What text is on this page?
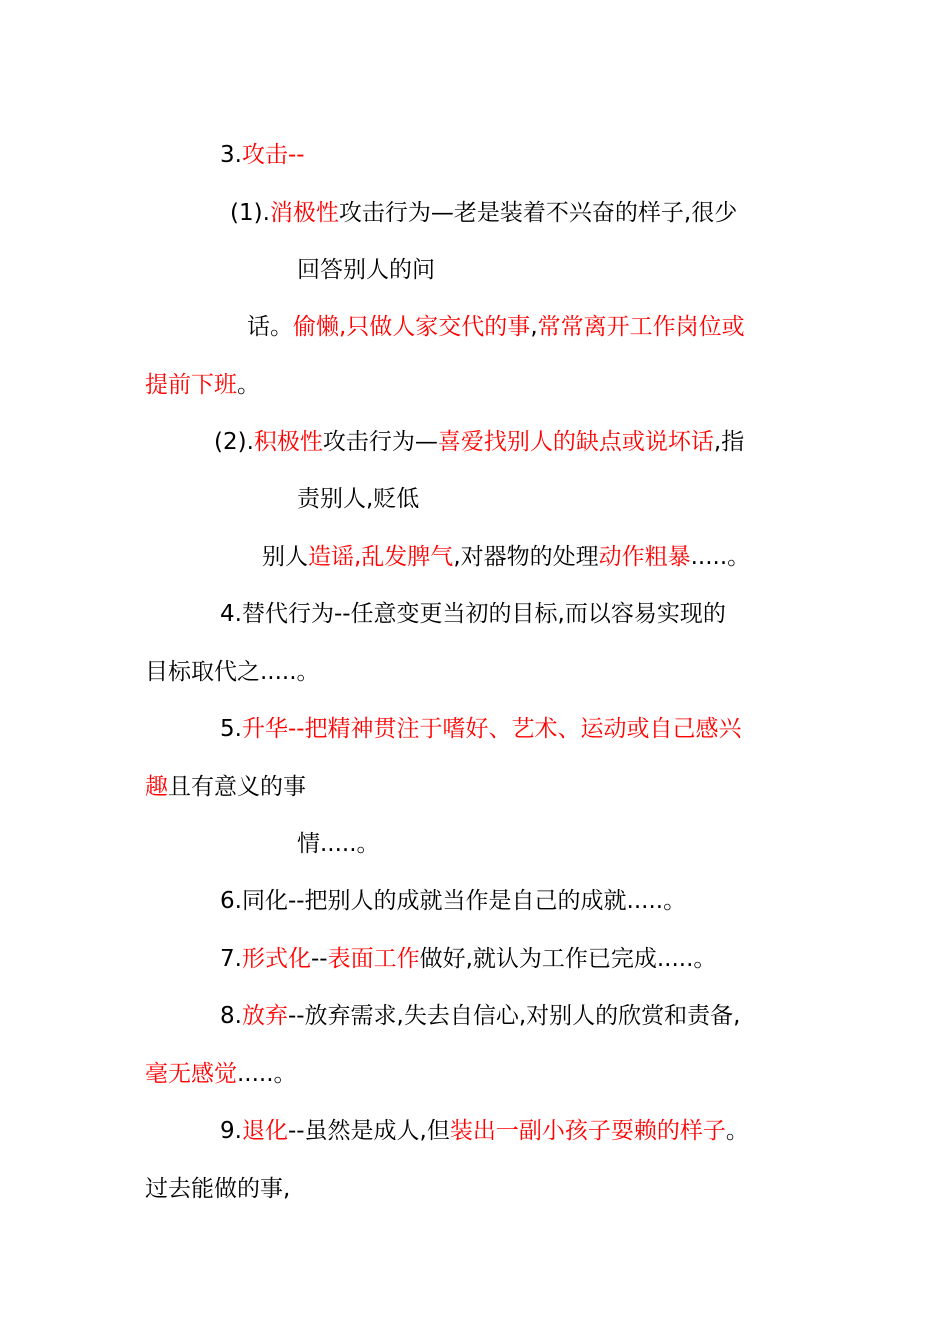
3.攻击--
(1).消极性攻击行为—老是装着不兴奋的样子,很少
回答别人的问
话。偷懒,只做人家交代的事,常常离开工作岗位或
提前下班。
(2).积极性攻击行为—喜爱找别人的缺点或说坏话,指
责别人,贬低
别人造谣,乱发脾气,对器物的处理动作粗暴.....。
4.替代行为--任意变更当初的目标,而以容易实现的
目标取代之.....。
5.升华--把精神贯注于嗜好、艺术、运动或自己感兴
趣且有意义的事
情.....。
6.同化--把别人的成就当作是自己的成就.....。
7.形式化--表面工作做好,就认为工作已完成.....。
8.放弃--放弃需求,失去自信心,对别人的欣赏和责备,
毫无感觉.....。
9.退化--虽然是成人,但装出一副小孩子耍赖的样子。
过去能做的事,
